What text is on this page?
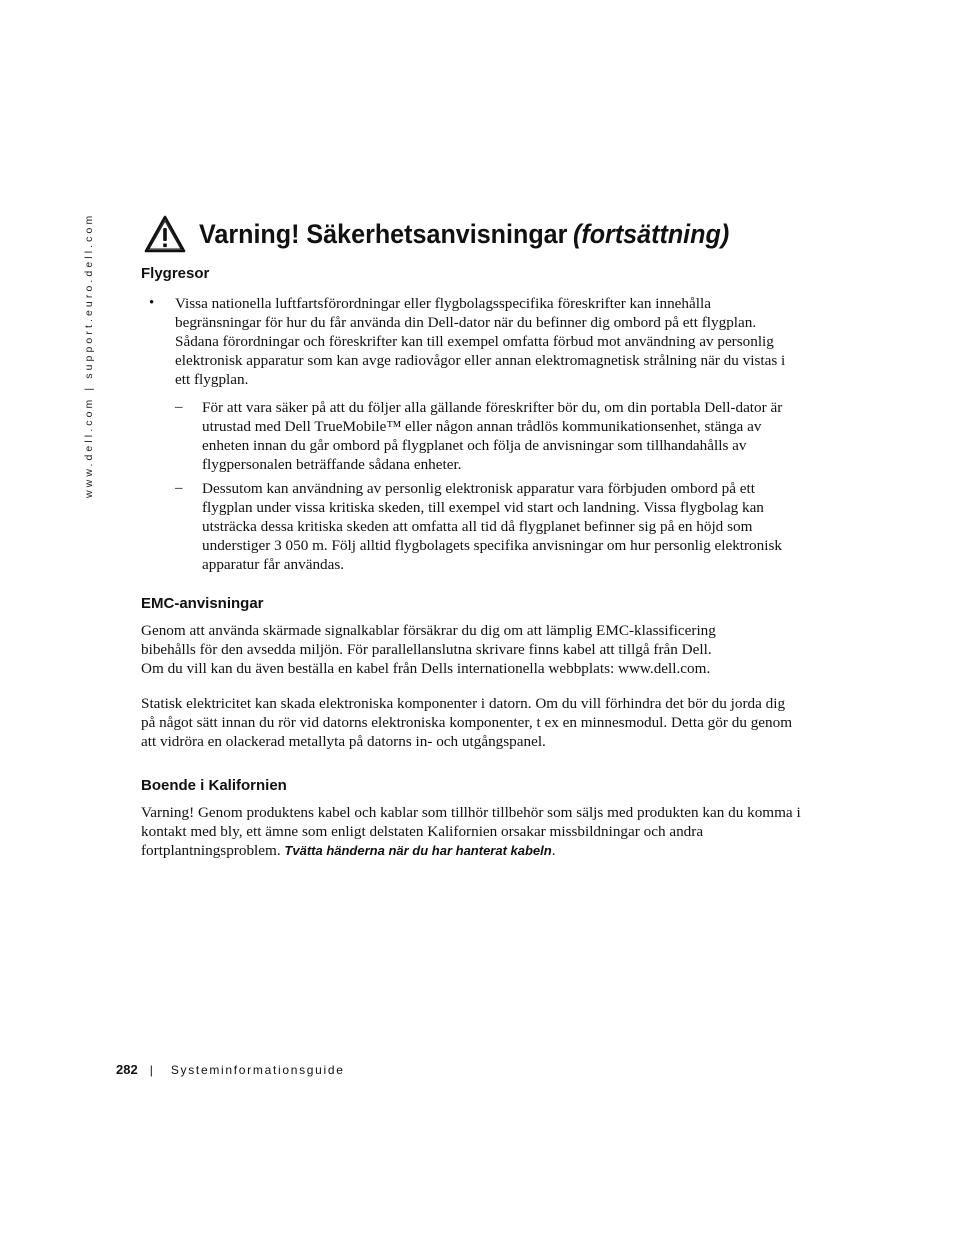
www.dell.com | support.euro.dell.com	Varning! Säkerhetsanvisningar (fortsättning)
Flygresor
• Vissa nationella luftfartsförordningar eller flygbolagsspecifika föreskrifter kan innehålla begränsningar för hur du får använda din Dell-dator när du befinner dig ombord på ett flygplan. Sådana förordningar och föreskrifter kan till exempel omfatta förbud mot användning av personlig elektronisk apparatur som kan avge radiovågor eller annan elektromagnetisk strålning när du vistas i ett flygplan.
– För att vara säker på att du följer alla gällande föreskrifter bör du, om din portabla Dell-dator är utrustad med Dell TrueMobile™ eller någon annan trådlös kommunikationsenhet, stänga av enheten innan du går ombord på flygplanet och följa de anvisningar som tillhandahålls av flygpersonalen beträffande sådana enheter.
– Dessutom kan användning av personlig elektronisk apparatur vara förbjuden ombord på ett flygplan under vissa kritiska skeden, till exempel vid start och landning. Vissa flygbolag kan utsträcka dessa kritiska skeden att omfatta all tid då flygplanet befinner sig på en höjd som understiger 3 050 m. Följ alltid flygbolagets specifika anvisningar om hur personlig elektronisk apparatur får användas.
EMC-anvisningar
Genom att använda skärmade signalkablar försäkrar du dig om att lämplig EMC-klassificering bibehålls för den avsedda miljön. För parallellanslutna skrivare finns kabel att tillgå från Dell.
Om du vill kan du även beställa en kabel från Dells internationella webbplats: www.dell.com.
Statisk elektricitet kan skada elektroniska komponenter i datorn. Om du vill förhindra det bör du jorda dig på något sätt innan du rör vid datorns elektroniska komponenter, t ex en minnesmodul. Detta gör du genom att vidröra en olackerad metallyta på datorns in- och utgångspanel.
Boende i Kalifornien
Varning! Genom produktens kabel och kablar som tillhör tillbehör som säljs med produkten kan du komma i kontakt med bly, ett ämne som enligt delstaten Kalifornien orsakar missbildningar och andra fortplantningsproblem. Tvätta händerna när du har hanterat kabeln.
282 | Systeminformationsguide
